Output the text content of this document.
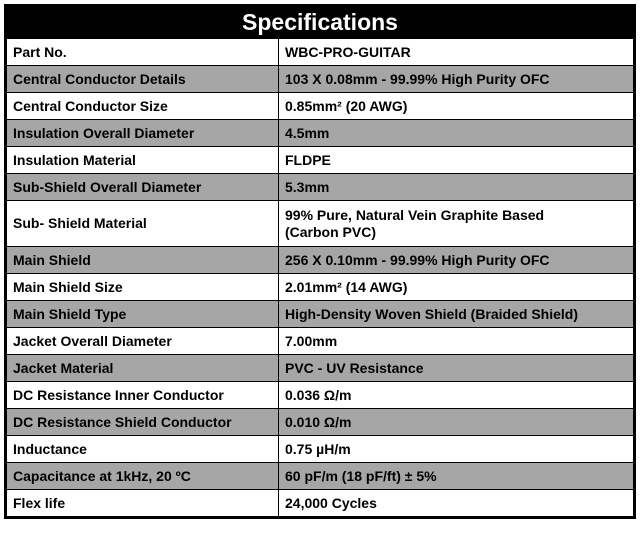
Specifications
Part No.	WBC-PRO-GUITAR
Central Conductor Details	103 X 0.08mm - 99.99% High Purity OFC
Central Conductor Size	0.85mm² (20 AWG)
Insulation Overall Diameter	4.5mm
Insulation Material	FLDPE
Sub-Shield Overall Diameter	5.3mm
Sub- Shield Material	99% Pure, Natural Vein Graphite Based
(Carbon PVC)
Main Shield	256 X 0.10mm - 99.99% High Purity OFC
Main Shield Size	2.01mm² (14 AWG)
Main Shield Type	High-Density Woven Shield (Braided Shield)
Jacket Overall Diameter	7.00mm
Jacket Material	PVC - UV Resistance
DC Resistance Inner Conductor	0.036 Ω/m
DC Resistance Shield Conductor	0.010 Ω/m
Inductance	0.75 µH/m
Capacitance at 1kHz, 20 ºC	60 pF/m (18 pF/ft) ± 5%
Flex life	24,000 Cycles
